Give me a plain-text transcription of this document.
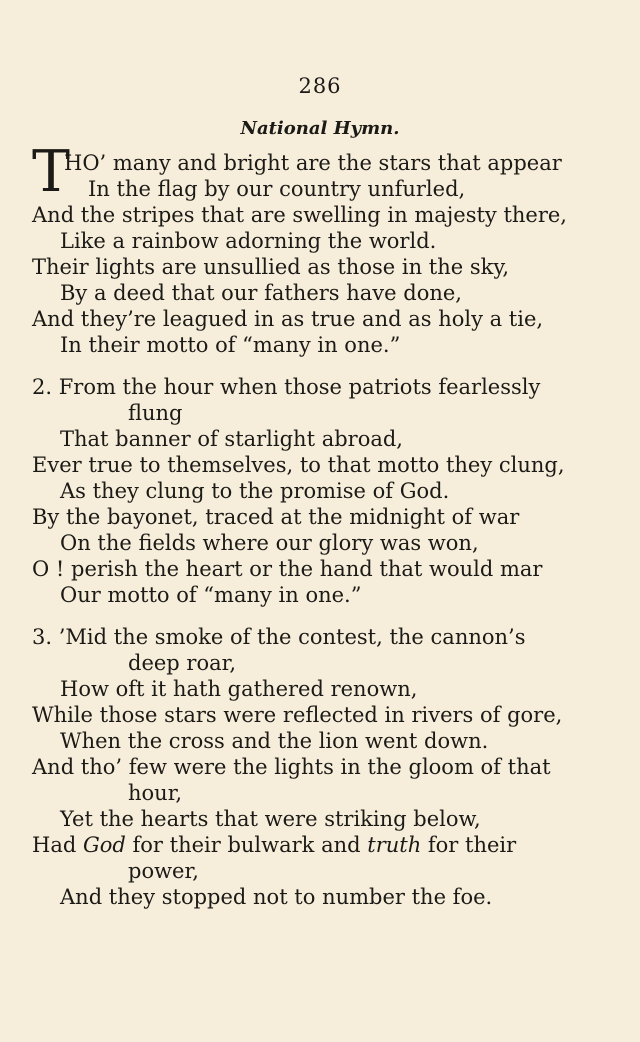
286
National Hymn.
T
HO’ many and bright are the stars that appear
In the flag by our country unfurled,
And the stripes that are swelling in majesty there,
Like a rainbow adorning the world.
Their lights are unsullied as those in the sky,
By a deed that our fathers have done,
And they’re leagued in as true and as holy a tie,
In their motto of “many in one.”
2. From the hour when those patriots fearlessly
flung
That banner of starlight abroad,
Ever true to themselves, to that motto they clung,
As they clung to the promise of God.
By the bayonet, traced at the midnight of war
On the fields where our glory was won,
O ! perish the heart or the hand that would mar
Our motto of “many in one.”
3. ’Mid the smoke of the contest, the cannon’s
deep roar,
How oft it hath gathered renown,
While those stars were reflected in rivers of gore,
When the cross and the lion went down.
And tho’ few were the lights in the gloom of that
hour,
Yet the hearts that were striking below,
Had God for their bulwark and truth for their
power,
And they stopped not to number the foe.
